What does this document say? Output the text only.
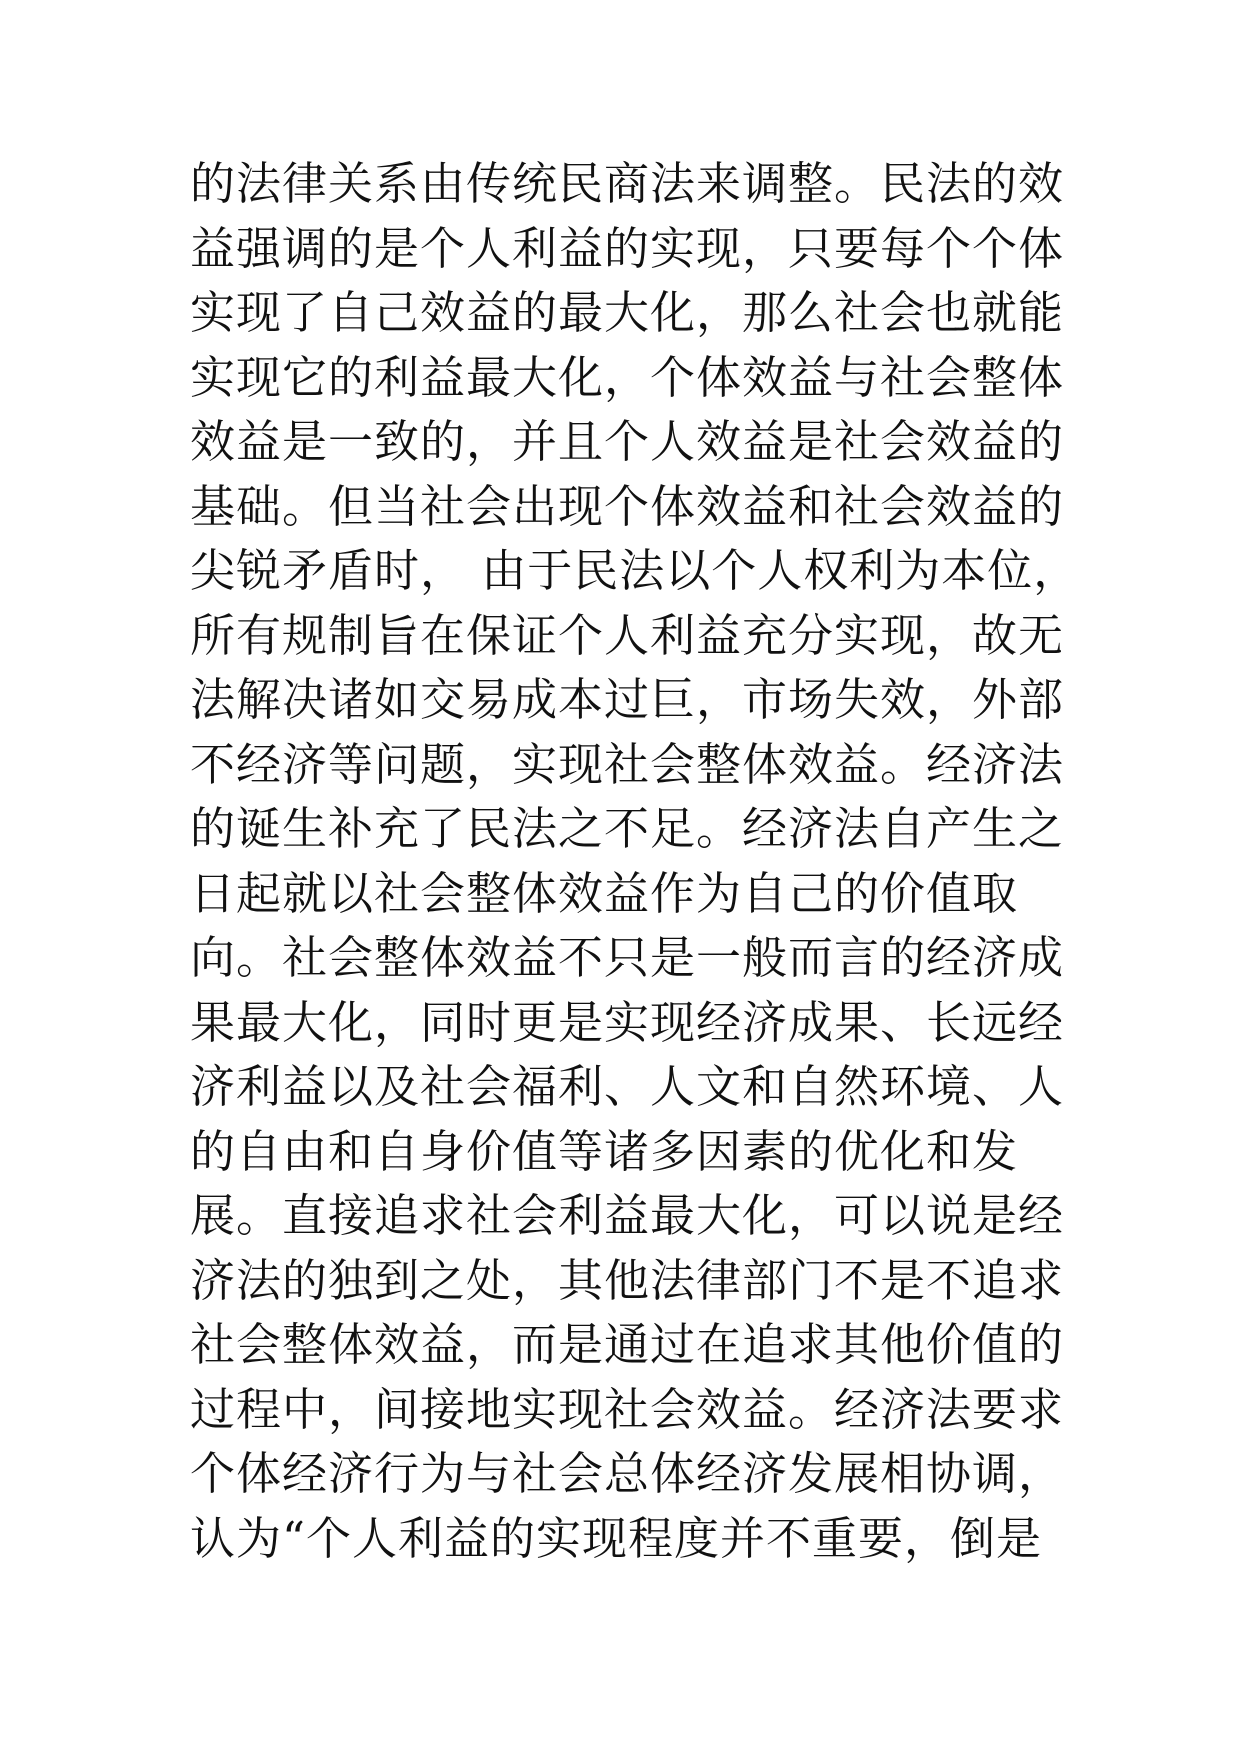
的法律关系由传统民商法来调整。民法的效
益强调的是个人利益的实现，只要每个个体
实现了自己效益的最大化，那么社会也就能
实现它的利益最大化，个体效益与社会整体
效益是一致的，并且个人效益是社会效益的
基础。但当社会出现个体效益和社会效益的
尖锐矛盾时， 由于民法以个人权利为本位，
所有规制旨在保证个人利益充分实现，故无
法解决诸如交易成本过巨，市场失效，外部
不经济等问题，实现社会整体效益。经济法
的诞生补充了民法之不足。经济法自产生之
日起就以社会整体效益作为自己的价值取
向。社会整体效益不只是一般而言的经济成
果最大化，同时更是实现经济成果、长远经
济利益以及社会福利、人文和自然环境、人
的自由和自身价值等诸多因素的优化和发
展。直接追求社会利益最大化，可以说是经
济法的独到之处，其他法律部门不是不追求
社会整体效益，而是通过在追求其他价值的
过程中，间接地实现社会效益。经济法要求
个体经济行为与社会总体经济发展相协调，
认为“个人利益的实现程度并不重要，倒是
